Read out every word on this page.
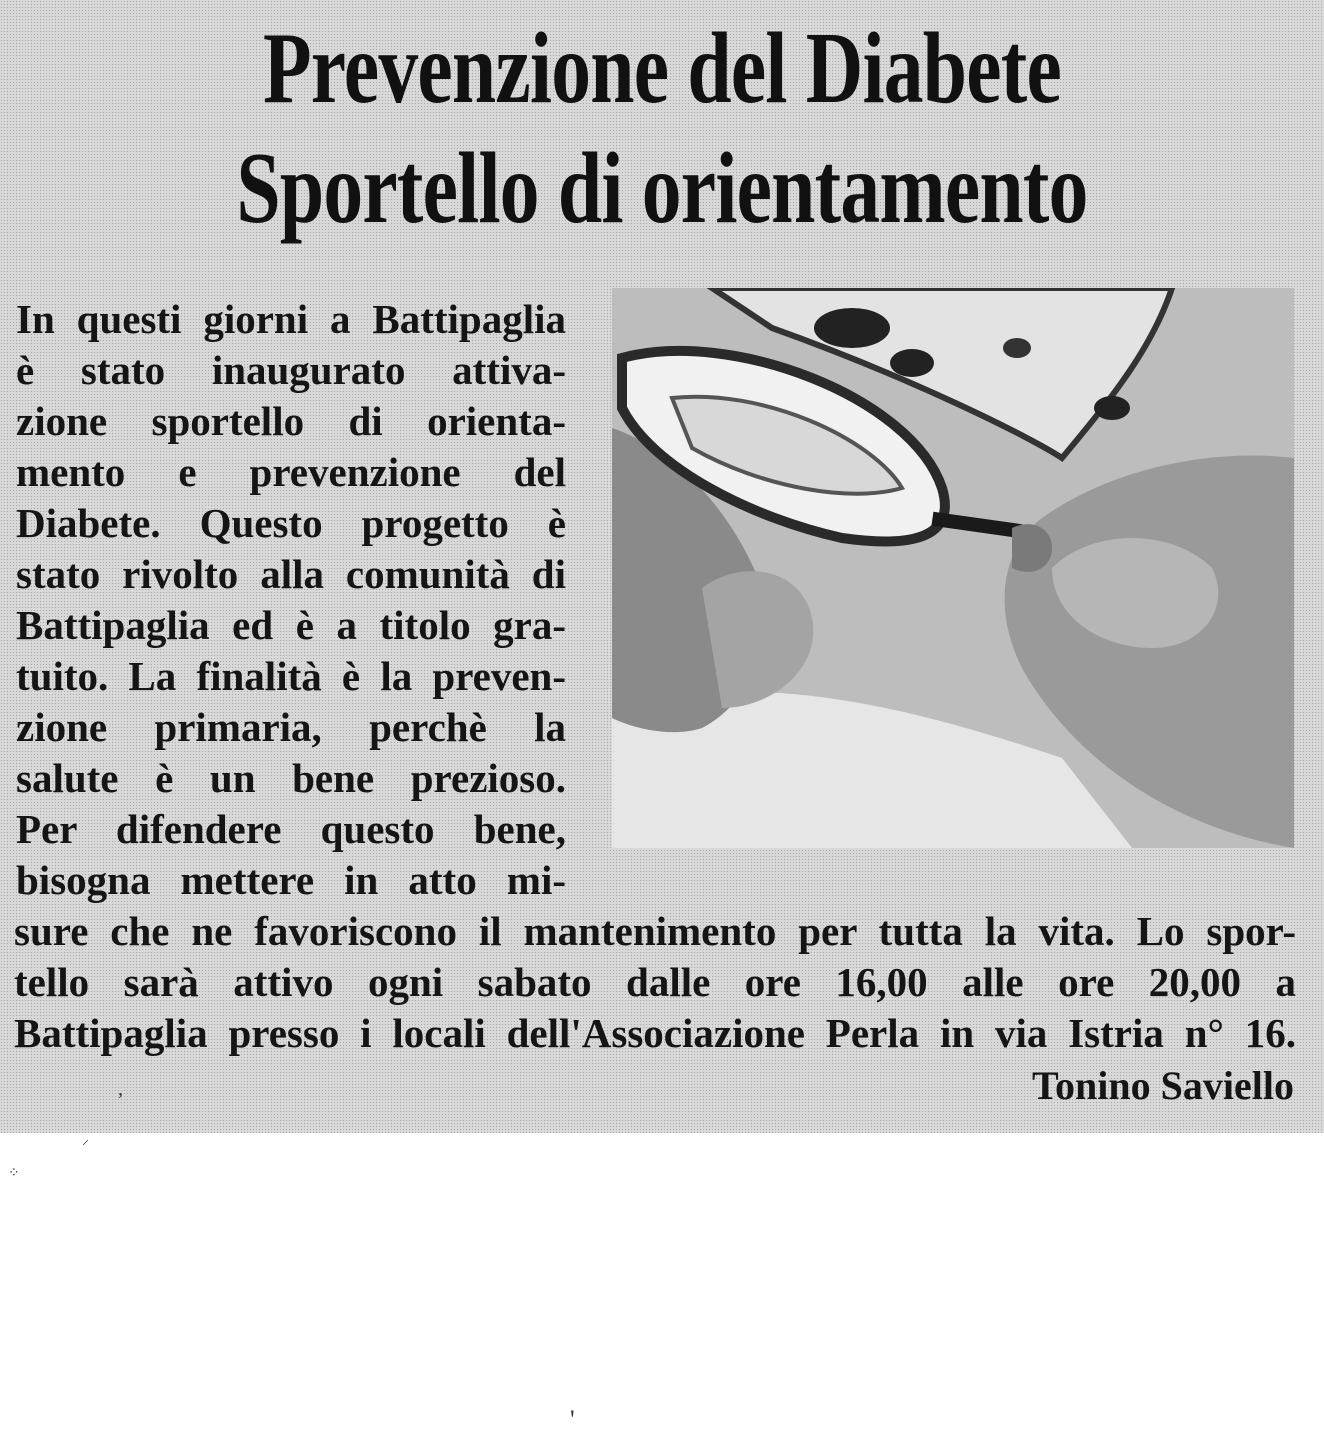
Prevenzione del Diabete
Sportello di orientamento
In questi giorni a Battipaglia
è stato inaugurato attiva-
zione sportello di orienta-
mento e prevenzione del
Diabete. Questo progetto è
stato rivolto alla comunità di
Battipaglia ed è a titolo gra-
tuito. La finalità è la preven-
zione primaria, perchè la
salute è un bene prezioso.
Per difendere questo bene,
bisogna mettere in atto mi-
sure che ne favoriscono il mantenimento per tutta la vita. Lo spor-
tello sarà attivo ogni sabato dalle ore 16,00 alle ore 20,00 a
Battipaglia presso i locali dell'Associazione Perla in via Istria n° 16.
Tonino Saviello
,
⁘
⸝
'
